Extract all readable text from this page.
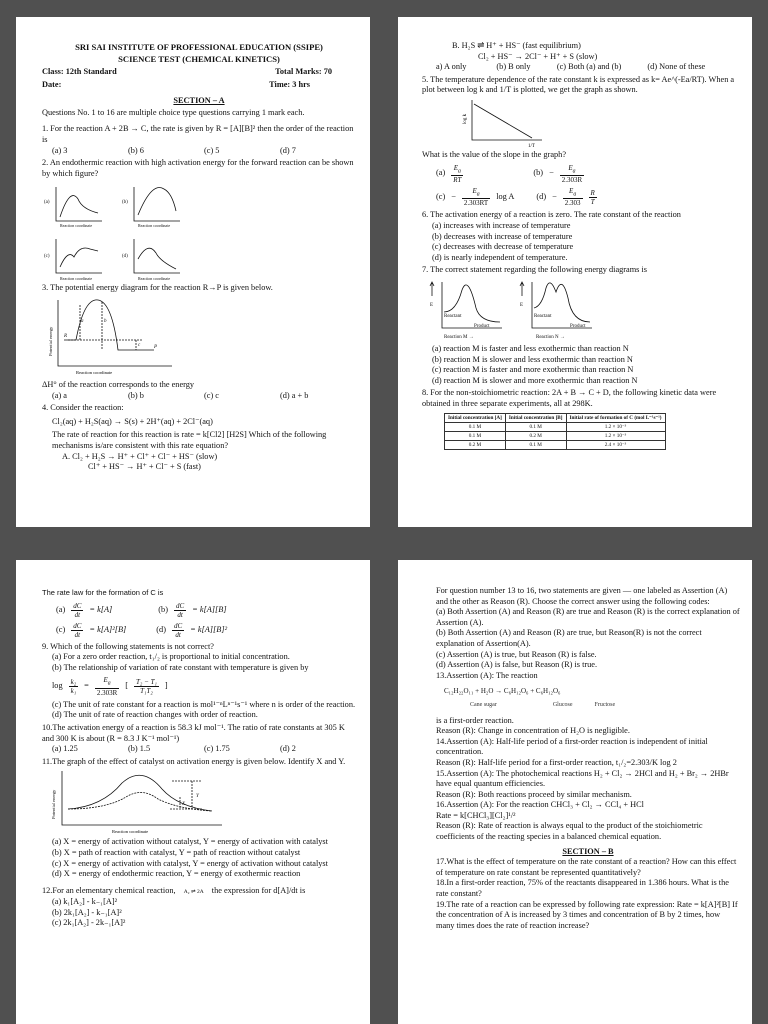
SRI SAI INSTITUTE OF PROFESSIONAL EDUCATION (SSIPE)
SCIENCE TEST (CHEMICAL KINETICS)
Class: 12th Standard	Total Marks: 70
Date:	Time: 3 hrs
SECTION – A
Questions No. 1 to 16 are multiple choice type questions carrying 1 mark each.
1. For the reaction A + 2B → C, the rate is given by R = [A][B]² then the order of the reaction is
(a) 3	(b) 6	(c) 5	(d) 7
2. An endothermic reaction with high activation energy for the forward reaction can be shown by which figure?
(a)	(b)
(c)	(d)
Reaction coordinate	Reaction coordinate
Reaction coordinate	Reaction coordinate
3. The potential energy diagram for the reaction R→P is given below.
a	b
c
R
P
Reaction coordinate
Potential energy
ΔH° of the reaction corresponds to the energy
(a) a	(b) b	(c) c	(d) a + b
4. Consider the reaction:
Cl₂(aq) + H₂S(aq) → S(s) + 2H⁺(aq) + 2Cl⁻(aq)
The rate of reaction for this reaction is rate = k[Cl2] [H2S] Which of the following mechanisms is/are consistent with this rate equation?
A. Cl₂ + H₂S → H⁺ + Cl⁺ + Cl⁻ + HS⁻ (slow)
Cl⁺ + HS⁻ → H⁺ + Cl⁻ + S (fast)
B. H₂S ⇌ H⁺ + HS⁻ (fast equilibrium)
Cl₂ + HS⁻ → 2Cl⁻ + H⁺ + S (slow)
a) A only	(b) B only	(c) Both (a) and (b)	(d) None of these
5. The temperature dependence of the rate constant k is expressed as k= Ae^(-Ea/RT). When a plot between log k and 1/T is plotted, we get the graph as shown.
1/T
log k
What is the value of the slope in the graph?
$(a) \frac{E_a}{RT}$	$(b) - \frac{E_a}{2.303R}$
$(c) - \frac{E_a}{2.303RT}$ log A	$(d) - \frac{E_a}{2.303} \frac{R}{T}$
6. The activation energy of a reaction is zero. The rate constant of the reaction
(a) increases with increase of temperature
(b) decreases with increase of temperature
(c) decreases with decrease of temperature
(d) is nearly independent of temperature.
7. The correct statement regarding the following energy diagrams is
E	E
Reactant
Product
Reactant
Product
Reaction M →	Reaction N →
(a) reaction M is faster and less exothermic than reaction N
(b) reaction M is slower and less exothermic than reaction N
(c) reaction M is faster and more exothermic than reaction N
(d) reaction M is slower and more exothermic than reaction N
8. For the non-stoichiometric reaction: 2A + B → C + D, the following kinetic data were obtained in three separate experiments, all at 298K.
Initial concentration [A]	Initial concentration [B]	Initial rate of formation of C (mol L⁻¹s⁻¹)
0.1 M	0.1 M	1.2 × 10⁻³
0.1 M	0.2 M	1.2 × 10⁻³
0.2 M	0.1 M	2.4 × 10⁻³
The rate law for the formation of C is
$(a) \frac{dC}{dt} = k[A]$	$(b) \frac{dC}{dt} = k[A][B]$
$(c) \frac{dC}{dt} = k[A]^2[B]$	$(d) \frac{dC}{dt} = k[A][B]^2$
9. Which of the following statements is not correct?
(a) For a zero order reaction, t₁/₂ is proportional to initial concentration.
(b) The relationship of variation of rate constant with temperature is given by
$\log \frac{\text{k₂}}{\text{k₁}} = \frac{E_a}{2.303R}$ [ $\frac{\text{T₂ − T₁}}{\text{T₁T₂}}$ ]
(c) The unit of rate constant for a reaction is mol¹⁻ⁿLⁿ⁻¹s⁻¹ where n is order of the reaction.
(d) The unit of rate of reaction changes with order of reaction.
10.The activation energy of a reaction is 58.3 kJ mol⁻¹. The ratio of rate constants at 305 K and 300 K is about (R = 8.3 J K⁻¹ mol⁻¹)
(a) 1.25	(b) 1.5	(c) 1.75	(d) 2
11.The graph of the effect of catalyst on activation energy is given below. Identify X and Y.
X
Y
Reaction coordinate
Potential energy
(a) X = energy of activation without catalyst, Y = energy of activation with catalyst
(b) X = path of reaction with catalyst, Y = path of reaction without catalyst
(c) X = energy of activation with catalyst, Y = energy of activation without catalyst
(d) X = energy of endothermic reaction, Y = energy of exothermic reaction
12.For an elementary chemical reaction, A₂ ⇌ 2A the expression for d[A]/dt is
(a) k₁[A₂] - k₋₁[A]²
(b) 2k₁[A₂] - k₋₁[A]²
(c) 2k₁[A₂] - 2k₋₁[A]²
For question number 13 to 16, two statements are given — one labeled as Assertion (A) and the other as Reason (R). Choose the correct answer using the following codes:
(a) Both Assertion (A) and Reason (R) are true and Reason (R) is the correct explanation of Assertion (A).
(b) Both Assertion (A) and Reason (R) are true, but Reason(R) is not the correct explanation of Assertion(A).
(c) Assertion (A) is true, but Reason (R) is false.
(d) Assertion (A) is false, but Reason (R) is true.
13.Assertion (A): The reaction
C₁₂H₂₂O₁₁ + H₂O → C₆H₁₂O₆ + C₆H₁₂O₆
Cane sugar	Glucose	Fructose
is a first-order reaction.
Reason (R): Change in concentration of H₂O is negligible.
14.Assertion (A): Half-life period of a first-order reaction is independent of initial concentration.
Reason (R): Half-life period for a first-order reaction, t₁/₂=2.303/K log 2
15.Assertion (A): The photochemical reactions H₂ + Cl₂ → 2HCl and H₂ + Br₂ → 2HBr have equal quantum efficiencies.
Reason (R): Both reactions proceed by similar mechanism.
16.Assertion (A): For the reaction CHCl₃ + Cl₂ → CCl₄ + HCl
Rate = k[CHCl₃][Cl₂]¹/²
Reason (R): Rate of reaction is always equal to the product of the stoichiometric coefficients of the reacting species in a balanced chemical equation.
SECTION – B
17.What is the effect of temperature on the rate constant of a reaction? How can this effect of temperature on rate constant be represented quantitatively?
18.In a first-order reaction, 75% of the reactants disappeared in 1.386 hours. What is the rate constant?
19.The rate of a reaction can be expressed by following rate expression: Rate = k[A]²[B] If the concentration of A is increased by 3 times and concentration of B by 2 times, how many times does the rate of reaction increase?
